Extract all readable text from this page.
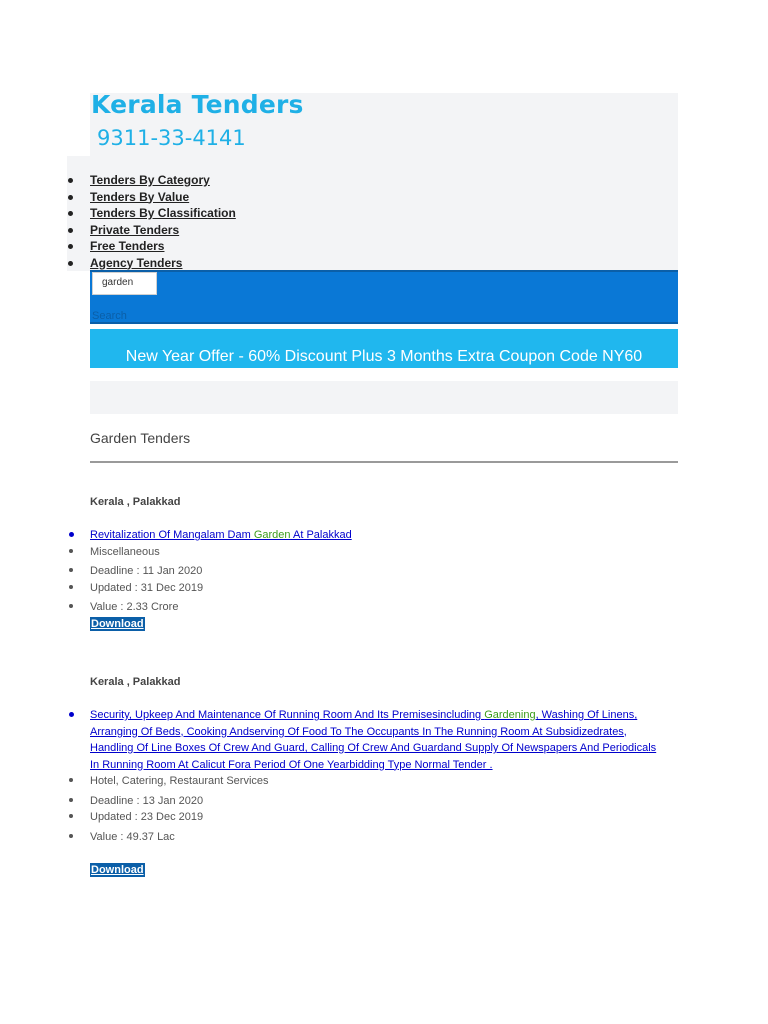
Kerala Tenders
9311-33-4141
Tenders By Category
Tenders By Value
Tenders By Classification
Private Tenders
Free Tenders
Agency Tenders
garden
Search
New Year Offer - 60% Discount Plus 3 Months Extra Coupon Code NY60
Garden Tenders
Kerala , Palakkad
Revitalization Of Mangalam Dam Garden At Palakkad
Miscellaneous
Deadline : 11 Jan 2020
Updated : 31 Dec 2019
Value : 2.33 Crore
Download
Kerala , Palakkad
Security, Upkeep And Maintenance Of Running Room And Its Premisesincluding Gardening, Washing Of Linens, Arranging Of Beds, Cooking Andserving Of Food To The Occupants In The Running Room At Subsidizedrates, Handling Of Line Boxes Of Crew And Guard, Calling Of Crew And Guardand Supply Of Newspapers And Periodicals In Running Room At Calicut Fora Period Of One Yearbidding Type Normal Tender .
Hotel, Catering, Restaurant Services
Deadline : 13 Jan 2020
Updated : 23 Dec 2019
Value : 49.37 Lac
Download
